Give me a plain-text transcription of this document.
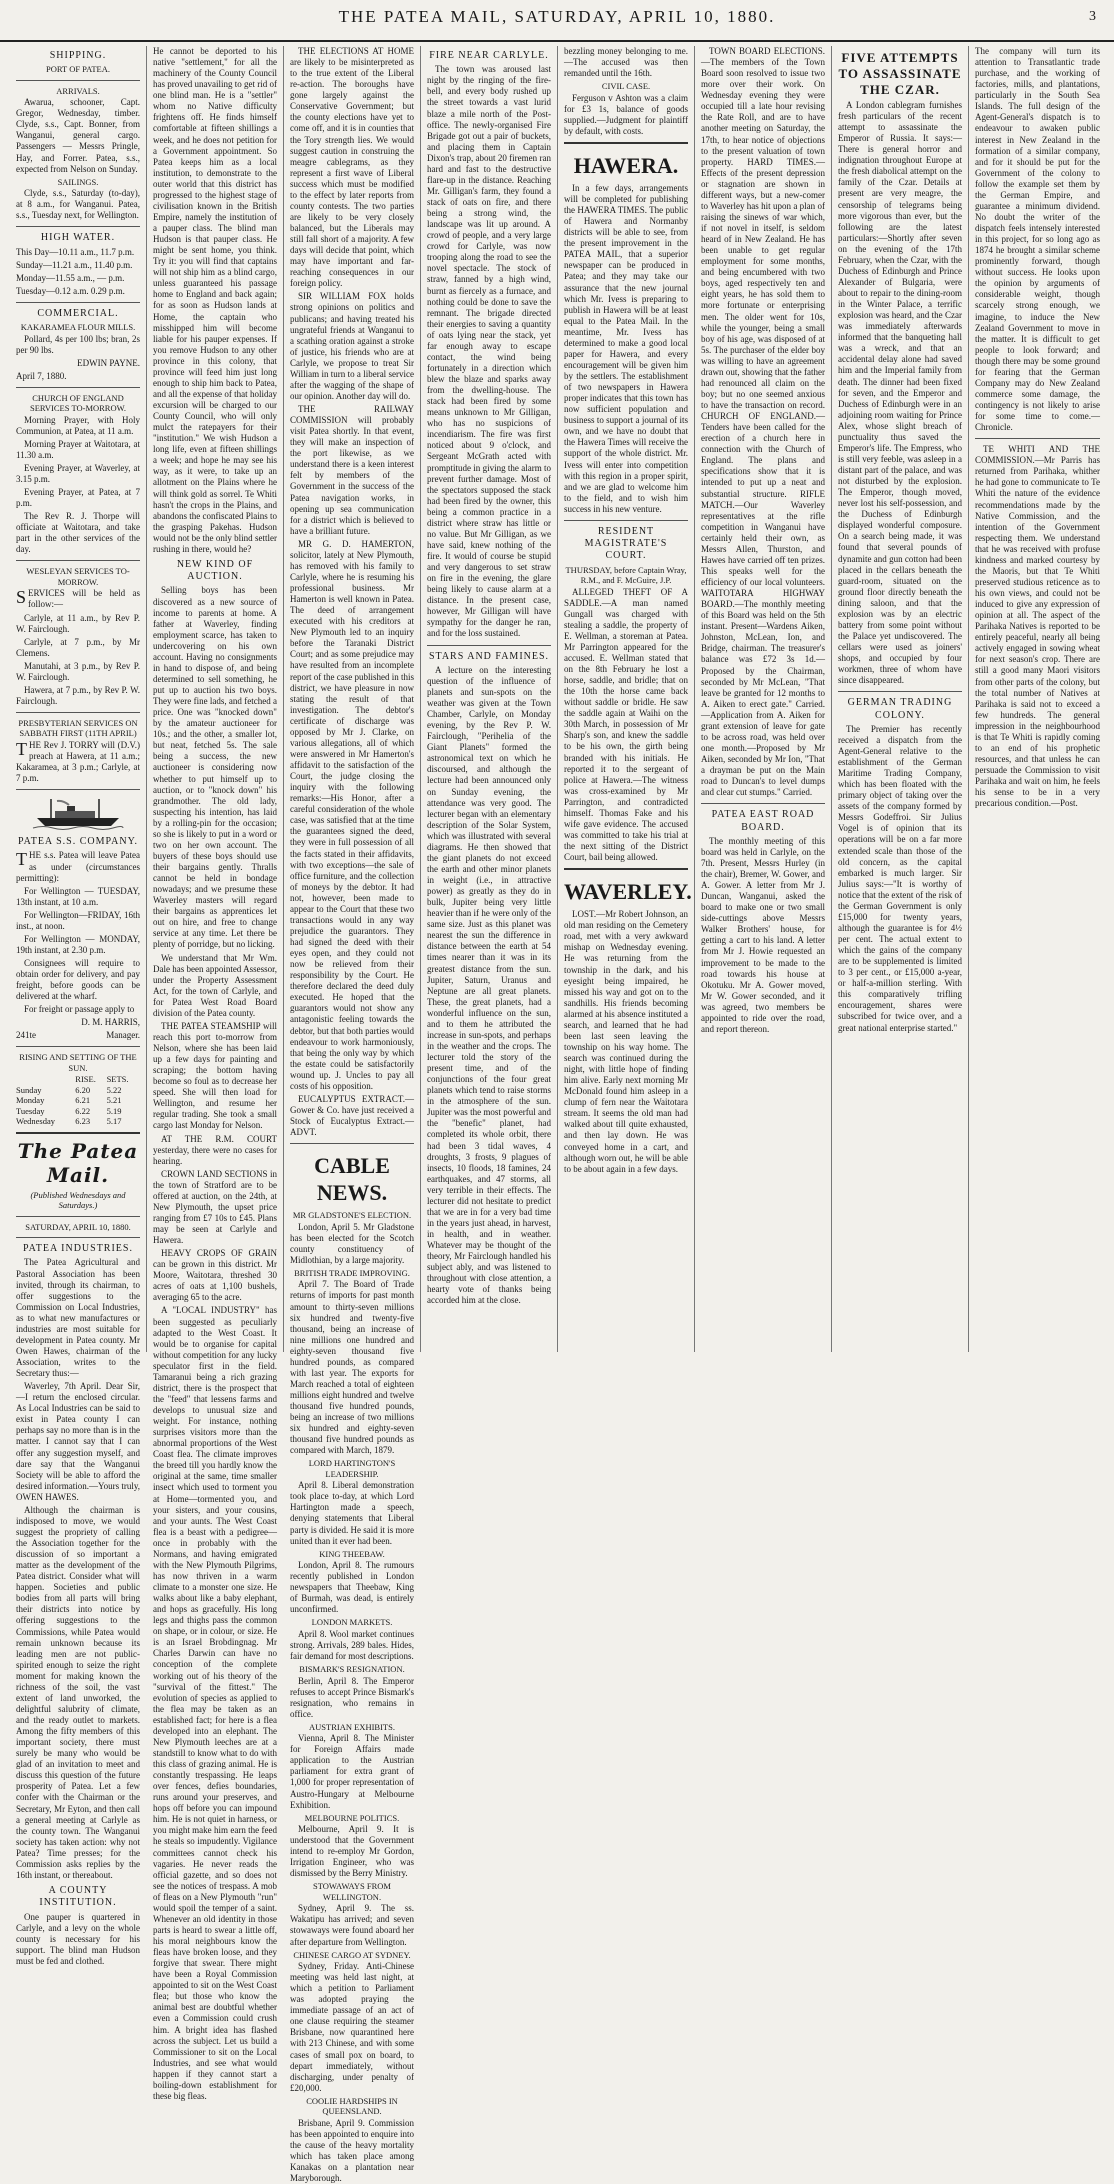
THE PATEA MAIL, SATURDAY, APRIL 10, 1880.	3
SHIPPING.
PORT OF PATEA.
ARRIVALS.

Awarua, schooner, Capt. Gregor, Wednesday, timber. Clyde, s.s., Capt. Bonner, from Wanganui, general cargo. Passengers — Messrs Pringle, Hay, and Forrer. Patea, s.s., expected from Nelson on Sunday.

SAILINGS.

Clyde, s.s., Saturday (to-day), at 8 a.m., for Wanganui. Patea, s.s., Tuesday next, for Wellington.

HIGH WATER.

This Day—10.11 a.m., 11.7 p.m.

Sunday—11.21 a.m., 11.40 p.m.

Monday—11.55 a.m., — p.m.

Tuesday—0.12 a.m. 0.29 p.m.

COMMERCIAL.
KAKARAMEA FLOUR MILLS.

Pollard, 4s per 100 lbs; bran, 2s per 90 lbs.

EDWIN PAYNE.

April 7, 1880.

CHURCH OF ENGLAND SERVICES TO-MORROW.

Morning Prayer, with Holy Communion, at Patea, at 11 a.m.

Morning Prayer at Waitotara, at 11.30 a.m.

Evening Prayer, at Waverley, at 3.15 p.m.

Evening Prayer, at Patea, at 7 p.m.

The Rev R. J. Thorpe will officiate at Waitotara, and take part in the other services of the day.

WESLEYAN SERVICES TO-MORROW.

SERVICES will be held as follow:—

Carlyle, at 11 a.m., by Rev P. W. Fairclough.

Carlyle, at 7 p.m., by Mr Clemens.

Manutahi, at 3 p.m., by Rev P. W. Fairclough.

Hawera, at 7 p.m., by Rev P. W. Fairclough.

PRESBYTERIAN SERVICES ON SABBATH FIRST (11TH APRIL)

THE Rev J. TORRY will (D.V.) preach at Hawera, at 11 a.m.; Kakaramea, at 3 p.m.; Carlyle, at 7 p.m.

PATEA S.S. COMPANY.

THE s.s. Patea will leave Patea as under (circumstances permitting):

For Wellington — TUESDAY, 13th instant, at 10 a.m.

For Wellington—FRIDAY, 16th inst., at noon.

For Wellington — MONDAY, 19th instant, at 2.30 p.m.

Consignees will require to obtain order for delivery, and pay freight, before goods can be delivered at the wharf.

For freight or passage apply to

D. M. HARRIS,

241te	Manager.

RISING AND SETTING OF THE SUN.
	RISE.	SETS.
Sunday	6.20	5.22
Monday	6.21	5.21
Tuesday	6.22	5.19
Wednesday	6.23	5.17
The Patea Mail.
(Published Wednesdays and Saturdays.)
SATURDAY, APRIL 10, 1880.
PATEA INDUSTRIES.

The Patea Agricultural and Pastoral Association has been invited, through its chairman, to offer suggestions to the Commission on Local Industries, as to what new manufactures or industries are most suitable for development in Patea county. Mr Owen Hawes, chairman of the Association, writes to the Secretary thus:—

Waverley, 7th April. Dear Sir,—I return the enclosed circular. As Local Industries can be said to exist in Patea county I can perhaps say no more than is in the matter. I cannot say that I can offer any suggestion myself, and dare say that the Wanganui Society will be able to afford the desired information.—Yours truly, OWEN HAWES.

Although the chairman is indisposed to move, we would suggest the propriety of calling the Association together for the discussion of so important a matter as the development of the Patea district. Consider what will happen. Societies and public bodies from all parts will bring their districts into notice by offering suggestions to the Commissions, while Patea would remain unknown because its leading men are not public-spirited enough to seize the right moment for making known the richness of the soil, the vast extent of land unworked, the delightful salubrity of climate, and the ready outlet to markets. Among the fifty members of this important society, there must surely be many who would be glad of an invitation to meet and discuss this question of the future prosperity of Patea. Let a few confer with the Chairman or the Secretary, Mr Eyton, and then call a general meeting at Carlyle as the county town. The Wanganui society has taken action: why not Patea? Time presses; for the Commission asks replies by the 16th instant, or thereabout.

A COUNTY INSTITUTION.

One pauper is quartered in Carlyle, and a levy on the whole county is necessary for his support. The blind man Hudson must be fed and clothed.

He cannot be deported to his native "settlement," for all the machinery of the County Council has proved unavailing to get rid of one blind man. He is a "settler" whom no Native difficulty frightens off. He finds himself comfortable at fifteen shillings a week, and he does not petition for a Government appointment. So Patea keeps him as a local institution, to demonstrate to the outer world that this district has progressed to the highest stage of civilisation known in the British Empire, namely the institution of a pauper class. The blind man Hudson is that pauper class. He might be sent home, you think. Try it: you will find that captains will not ship him as a blind cargo, unless guaranteed his passage home to England and back again; for as soon as Hudson lands at Home, the captain who misshipped him will become liable for his pauper expenses. If you remove Hudson to any other province in this colony, that province will feed him just long enough to ship him back to Patea, and all the expense of that holiday excursion will be charged to our County Council, who will only mulct the ratepayers for their "institution." We wish Hudson a long life, even at fifteen shillings a week; and hope he may see his way, as it were, to take up an allotment on the Plains where he will think gold as sorrel. Te Whiti hasn't the crops in the Plains, and abandons the confiscated Plains to the grasping Pakehas. Hudson would not be the only blind settler rushing in there, would he?

NEW KIND OF AUCTION.

Selling boys has been discovered as a new source of income to parents at home. A father at Waverley, finding employment scarce, has taken to undercovering on his own account. Having no consignments in hand to dispose of, and being determined to sell something, he put up to auction his two boys. They were fine lads, and fetched a price. One was "knocked down" by the amateur auctioneer for 10s.; and the other, a smaller lot, but neat, fetched 5s. The sale being a success, the new auctioneer is considering now whether to put himself up to auction, or to "knock down" his grandmother. The old lady, suspecting his intention, has laid by a rolling-pin for the occasion; so she is likely to put in a word or two on her own account. The buyers of these boys should use their bargains gently. Thralls cannot be held in bondage nowadays; and we presume these Waverley masters will regard their bargains as apprentices let out on hire, and free to change service at any time. Let there be plenty of porridge, but no licking.

We understand that Mr Wm. Dale has been appointed Assessor, under the Property Assessment Act, for the town of Carlyle, and for Patea West Road Board division of the Patea county.

THE PATEA STEAMSHIP will reach this port to-morrow from Nelson, where she has been laid up a few days for painting and scraping; the bottom having become so foul as to decrease her speed. She will then load for Wellington, and resume her regular trading. She took a small cargo last Monday for Nelson.

AT THE R.M. COURT yesterday, there were no cases for hearing.

CROWN LAND SECTIONS in the town of Stratford are to be offered at auction, on the 24th, at New Plymouth, the upset price ranging from £7 10s to £45. Plans may be seen at Carlyle and Hawera.

HEAVY CROPS OF GRAIN can be grown in this district. Mr Moore, Waitotara, threshed 30 acres of oats at 1,100 bushels, averaging 65 to the acre.

A "LOCAL INDUSTRY" has been suggested as peculiarly adapted to the West Coast. It would be to organise for capital without competition for any lucky speculator first in the field. Tamaranui being a rich grazing district, there is the prospect that the "feed" that lessens farms and develops to unusual size and weight. For instance, nothing surprises visitors more than the abnormal proportions of the West Coast flea. The climate improves the breed till you hardly know the original at the same, time smaller insect which used to torment you at Home—tormented you, and your sisters, and your cousins, and your aunts. The West Coast flea is a beast with a pedigree—once in probably with the Normans, and having emigrated with the New Plymouth Pilgrims, has now thriven in a warm climate to a monster one size. He walks about like a baby elephant, and hops as gracefully. His long legs and thighs pass the common on shape, or in colour, or size. He is an Israel Brobdingnag. Mr Charles Darwin can have no conception of the complete working out of his theory of the "survival of the fittest." The evolution of species as applied to the flea may be taken as an established fact; for here is a flea developed into an elephant. The New Plymouth leeches are at a standstill to know what to do with this class of grazing animal. He is constantly trespassing. He leaps over fences, defies boundaries, runs around your preserves, and hops off before you can impound him. He is not quiet in harness, or you might make him earn the feed he steals so impudently. Vigilance committees cannot check his vagaries. He never reads the official gazette, and so does not see the notices of trespass. A mob of fleas on a New Plymouth "run" would spoil the temper of a saint. Whenever an old identity in those parts is heard to swear a little off, his moral neighbours know the fleas have broken loose, and they forgive that swear. There might have been a Royal Commission appointed to sit on the West Coast flea; but those who know the animal best are doubtful whether even a Commission could crush him. A bright idea has flashed across the subject. Let us build a Commissioner to sit on the Local Industries, and see what would happen if they cannot start a boiling-down establishment for these big fleas.

THE ELECTIONS AT HOME are likely to be misinterpreted as to the true extent of the Liberal re-action. The boroughs have gone largely against the Conservative Government; but the county elections have yet to come off, and it is in counties that the Tory strength lies. We would suggest caution in construing the meagre cablegrams, as they represent a first wave of Liberal success which must be modified to the effect by later reports from county contests. The two parties are likely to be very closely balanced, but the Liberals may still fall short of a majority. A few days will decide that point, which may have important and far-reaching consequences in our foreign policy.

SIR WILLIAM FOX holds strong opinions on politics and publicans; and having treated his ungrateful friends at Wanganui to a scathing oration against a stroke of justice, his friends who are at Carlyle, we propose to treat Sir William in turn to a liberal service after the wagging of the shape of our opinion. Another day will do.

THE RAILWAY COMMISSION will probably visit Patea shortly. In that event, they will make an inspection of the port likewise, as we understand there is a keen interest felt by members of the Government in the success of the Patea navigation works, in opening up sea communication for a district which is believed to have a brilliant future.

MR G. D. HAMERTON, solicitor, lately at New Plymouth, has removed with his family to Carlyle, where he is resuming his professional business. Mr Hamerton is well known in Patea. The deed of arrangement executed with his creditors at New Plymouth led to an inquiry before the Taranaki District Court; and as some prejudice may have resulted from an incomplete report of the case published in this district, we have pleasure in now stating the result of that investigation. The debtor's certificate of discharge was opposed by Mr J. Clarke, on various allegations, all of which were answered in Mr Hamerton's affidavit to the satisfaction of the Court, the judge closing the inquiry with the following remarks:—His Honor, after a careful consideration of the whole case, was satisfied that at the time the guarantees signed the deed, they were in full possession of all the facts stated in their affidavits, with two exceptions—the sale of office furniture, and the collection of moneys by the debtor. It had not, however, been made to appear to the Court that these two transactions would in any way prejudice the guarantors. They had signed the deed with their eyes open, and they could not now be relieved from their responsibility by the Court. He therefore declared the deed duly executed. He hoped that the guarantors would not show any antagonistic feeling towards the debtor, but that both parties would endeavour to work harmoniously, that being the only way by which the estate could be satisfactorily wound up. J. Uncles to pay all costs of his opposition.

EUCALYPTUS EXTRACT.—Gower & Co. have just received a Stock of Eucalyptus Extract.—ADVT.

CABLE NEWS.
MR GLADSTONE'S ELECTION.

London, April 5. Mr Gladstone has been elected for the Scotch county constituency of Midlothian, by a large majority.

BRITISH TRADE IMPROVING.

April 7. The Board of Trade returns of imports for past month amount to thirty-seven millions six hundred and twenty-five thousand, being an increase of nine millions one hundred and eighty-seven thousand five hundred pounds, as compared with last year. The exports for March reached a total of eighteen millions eight hundred and twelve thousand five hundred pounds, being an increase of two millions six hundred and eighty-seven thousand five hundred pounds as compared with March, 1879.

LORD HARTINGTON'S LEADERSHIP.

April 8. Liberal demonstration took place to-day, at which Lord Hartington made a speech, denying statements that Liberal party is divided. He said it is more united than it ever had been.

KING THEEBAW.

London, April 8. The rumours recently published in London newspapers that Theebaw, King of Burmah, was dead, is entirely unconfirmed.

LONDON MARKETS.

April 8. Wool market continues strong. Arrivals, 289 bales. Hides, fair demand for most descriptions.

BISMARK'S RESIGNATION.

Berlin, April 8. The Emperor refuses to accept Prince Bismark's resignation, who remains in office.

AUSTRIAN EXHIBITS.

Vienna, April 8. The Minister for Foreign Affairs made application to the Austrian parliament for extra grant of 1,000 for proper representation of Austro-Hungary at Melbourne Exhibition.

MELBOURNE POLITICS.

Melbourne, April 9. It is understood that the Government intend to re-employ Mr Gordon, Irrigation Engineer, who was dismissed by the Berry Ministry.

STOWAWAYS FROM WELLINGTON.

Sydney, April 9. The ss. Wakatipu has arrived; and seven stowaways were found aboard her after departure from Wellington.

CHINESE CARGO AT SYDNEY.

Sydney, Friday. Anti-Chinese meeting was held last night, at which a petition to Parliament was adopted praying the immediate passage of an act of one clause requiring the steamer Brisbane, now quarantined here with 213 Chinese, and with some cases of small pox on board, to depart immediately, without discharging, under penalty of £20,000.

COOLIE HARDSHIPS IN QUEENSLAND.

Brisbane, April 9. Commission has been appointed to enquire into the cause of the heavy mortality which has taken place among Kanakas on a plantation near Maryborough.

FIRE NEAR CARLYLE.

The town was aroused last night by the ringing of the fire-bell, and every body rushed up the street towards a vast lurid blaze a mile north of the Post-office. The newly-organised Fire Brigade got out a pair of buckets, and placing them in Captain Dixon's trap, about 20 firemen ran hard and fast to the destructive flare-up in the distance. Reaching Mr. Gilligan's farm, they found a stack of oats on fire, and there being a strong wind, the landscape was lit up around. A crowd of people, and a very large crowd for Carlyle, was now trooping along the road to see the novel spectacle. The stock of straw, fanned by a high wind, burnt as fiercely as a furnace, and nothing could be done to save the remnant. The brigade directed their energies to saving a quantity of oats lying near the stack, yet far enough away to escape contact, the wind being fortunately in a direction which blew the blaze and sparks away from the dwelling-house. The stack had been fired by some means unknown to Mr Gilligan, who has no suspicions of incendiarism. The fire was first noticed about 9 o'clock, and Sergeant McGrath acted with promptitude in giving the alarm to prevent further damage. Most of the spectators supposed the stack had been fired by the owner, this being a common practice in a district where straw has little or no value. But Mr Gilligan, as we have said, knew nothing of the fire. It would of course be stupid and very dangerous to set straw on fire in the evening, the glare being likely to cause alarm at a distance. In the present case, however, Mr Gilligan will have sympathy for the danger he ran, and for the loss sustained.

STARS AND FAMINES.

A lecture on the interesting question of the influence of planets and sun-spots on the weather was given at the Town Chamber, Carlyle, on Monday evening, by the Rev P. W. Fairclough, "Perihelia of the Giant Planets" formed the astronomical text on which he discoursed, and although the lecture had been announced only on Sunday evening, the attendance was very good. The lecturer began with an elementary description of the Solar System, which was illustrated with several diagrams. He then showed that the giant planets do not exceed the earth and other minor planets in weight (i.e., in attractive power) as greatly as they do in bulk, Jupiter being very little heavier than if he were only of the same size. Just as this planet was nearest the sun the difference in distance between the earth at 54 times nearer than it was in its greatest distance from the sun. Jupiter, Saturn, Uranus and Neptune are all great planets. These, the great planets, had a wonderful influence on the sun, and to them he attributed the increase in sun-spots, and perhaps in the weather and the crops. The lecturer told the story of the present time, and of the conjunctions of the four great planets which tend to raise storms in the atmosphere of the sun. Jupiter was the most powerful and the "benefic" planet, had completed its whole orbit, there had been 3 tidal waves, 4 droughts, 3 frosts, 9 plagues of insects, 10 floods, 18 famines, 24 earthquakes, and 47 storms, all very terrible in their effects. The lecturer did not hesitate to predict that we are in for a very bad time in the years just ahead, in harvest, in health, and in weather. Whatever may be thought of the theory, Mr Fairclough handled his subject ably, and was listened to throughout with close attention, a hearty vote of thanks being accorded him at the close.

bezzling money belonging to me.—The accused was then remanded until the 16th.

CIVIL CASE.

Ferguson v Ashton was a claim for £3 1s, balance of goods supplied.—Judgment for plaintiff by default, with costs.

HAWERA.

In a few days, arrangements will be completed for publishing the HAWERA TIMES. The public of Hawera and Normanby districts will be able to see, from the present improvement in the PATEA MAIL, that a superior newspaper can be produced in Patea; and they may take our assurance that the new journal which Mr. Ivess is preparing to publish in Hawera will be at least equal to the Patea Mail. In the meantime, Mr. Ivess has determined to make a good local paper for Hawera, and every encouragement will be given him by the settlers. The establishment of two newspapers in Hawera proper indicates that this town has now sufficient population and business to support a journal of its own, and we have no doubt that the Hawera Times will receive the support of the whole district. Mr. Ivess will enter into competition with this region in a proper spirit, and we are glad to welcome him to the field, and to wish him success in his new venture.

RESIDENT MAGISTRATE'S COURT.
THURSDAY, before Captain Wray, R.M., and F. McGuire, J.P.

ALLEGED THEFT OF A SADDLE.—A man named Gungall was charged with stealing a saddle, the property of E. Wellman, a storeman at Patea. Mr Parrington appeared for the accused. E. Wellman stated that on the 8th February he lost a horse, saddle, and bridle; that on the 10th the horse came back without saddle or bridle. He saw the saddle again at Waihi on the 30th March, in possession of Mr Sharp's son, and knew the saddle to be his own, the girth being branded with his initials. He reported it to the sergeant of police at Hawera.—The witness was cross-examined by Mr Parrington, and contradicted himself. Thomas Fake and his wife gave evidence. The accused was committed to take his trial at the next sitting of the District Court, bail being allowed.

WAVERLEY.

LOST.—Mr Robert Johnson, an old man residing on the Cemetery road, met with a very awkward mishap on Wednesday evening. He was returning from the township in the dark, and his eyesight being impaired, he missed his way and got on to the sandhills. His friends becoming alarmed at his absence instituted a search, and learned that he had been last seen leaving the township on his way home. The search was continued during the night, with little hope of finding him alive. Early next morning Mr McDonald found him asleep in a clump of fern near the Waitotara stream. It seems the old man had walked about till quite exhausted, and then lay down. He was conveyed home in a cart, and although worn out, he will be able to be about again in a few days.

TOWN BOARD ELECTIONS.—The members of the Town Board soon resolved to issue two more over their work. On Wednesday evening they were occupied till a late hour revising the Rate Roll, and are to have another meeting on Saturday, the 17th, to hear notice of objections to the present valuation of town property. HARD TIMES.—Effects of the present depression or stagnation are shown in different ways, but a new-comer to Waverley has hit upon a plan of raising the sinews of war which, if not novel in itself, is seldom heard of in New Zealand. He has been unable to get regular employment for some months, and being encumbered with two boys, aged respectively ten and eight years, he has sold them to more fortunate or enterprising men. The older went for 10s, while the younger, being a small boy of his age, was disposed of at 5s. The purchaser of the elder boy was willing to have an agreement drawn out, showing that the father had renounced all claim on the boy; but no one seemed anxious to have the transaction on record. CHURCH OF ENGLAND.—Tenders have been called for the erection of a church here in connection with the Church of England. The plans and specifications show that it is intended to put up a neat and substantial structure. RIFLE MATCH.—Our Waverley representatives at the rifle competition in Wanganui have certainly held their own, as Messrs Allen, Thurston, and Hawes have carried off ten prizes. This speaks well for the efficiency of our local volunteers. WAITOTARA HIGHWAY BOARD.—The monthly meeting of this Board was held on the 5th instant. Present—Wardens Aiken, Johnston, McLean, Ion, and Bridge, chairman. The treasurer's balance was £72 3s 1d.—Proposed by the Chairman, seconded by Mr McLean, "That leave be granted for 12 months to A. Aiken to erect gate." Carried.—Application from A. Aiken for grant extension of leave for gate to be across road, was held over one month.—Proposed by Mr Aiken, seconded by Mr Ion, "That a drayman be put on the Main road to Duncan's to level dumps and clear cut stumps." Carried.

PATEA EAST ROAD BOARD.

The monthly meeting of this board was held in Carlyle, on the 7th. Present, Messrs Hurley (in the chair), Bremer, W. Gower, and A. Gower. A letter from Mr J. Duncan, Wanganui, asked the board to make one or two small side-cuttings above Messrs Walker Brothers' house, for getting a cart to his land. A letter from Mr J. Howie requested an improvement to be made to the road towards his house at Okotuku. Mr A. Gower moved, Mr W. Gower seconded, and it was agreed, two members be appointed to ride over the road, and report thereon.

FIVE ATTEMPTS TO ASSASSINATE THE CZAR.

A London cablegram furnishes fresh particulars of the recent attempt to assassinate the Emperor of Russia. It says:—There is general horror and indignation throughout Europe at the fresh diabolical attempt on the family of the Czar. Details at present are very meagre, the censorship of telegrams being more vigorous than ever, but the following are the latest particulars:—Shortly after seven on the evening of the 17th February, when the Czar, with the Duchess of Edinburgh and Prince Alexander of Bulgaria, were about to repair to the dining-room in the Winter Palace, a terrific explosion was heard, and the Czar was immediately afterwards informed that the banqueting hall was a wreck, and that an accidental delay alone had saved him and the Imperial family from death. The dinner had been fixed for seven, and the Emperor and Duchess of Edinburgh were in an adjoining room waiting for Prince Alex, whose slight breach of punctuality thus saved the Emperor's life. The Empress, who is still very feeble, was asleep in a distant part of the palace, and was not disturbed by the explosion. The Emperor, though moved, never lost his self-possession, and the Duchess of Edinburgh displayed wonderful composure. On a search being made, it was found that several pounds of dynamite and gun cotton had been placed in the cellars beneath the guard-room, situated on the ground floor directly beneath the dining saloon, and that the explosion was by an electric battery from some point without the Palace yet undiscovered. The cellars were used as joiners' shops, and occupied by four workmen, three of whom have since disappeared.

GERMAN TRADING COLONY.

The Premier has recently received a dispatch from the Agent-General relative to the establishment of the German Maritime Trading Company, which has been floated with the primary object of taking over the assets of the company formed by Messrs Godeffroi. Sir Julius Vogel is of opinion that its operations will be on a far more extended scale than those of the old concern, as the capital embarked is much larger. Sir Julius says:—"It is worthy of notice that the extent of the risk of the German Government is only £15,000 for twenty years, although the guarantee is for 4½ per cent. The actual extent to which the gains of the company are to be supplemented is limited to 3 per cent., or £15,000 a-year, or half-a-million sterling. With this comparatively trifling encouragement, shares were subscribed for twice over, and a great national enterprise started."

The company will turn its attention to Transatlantic trade purchase, and the working of factories, mills, and plantations, particularly in the South Sea Islands. The full design of the Agent-General's dispatch is to endeavour to awaken public interest in New Zealand in the formation of a similar company, and for it should be put for the Government of the colony to follow the example set them by the German Empire, and guarantee a minimum dividend. No doubt the writer of the dispatch feels intensely interested in this project, for so long ago as 1874 he brought a similar scheme prominently forward, though without success. He looks upon the opinion by arguments of considerable weight, though scarcely strong enough, we imagine, to induce the New Zealand Government to move in the matter. It is difficult to get people to look forward; and though there may be some ground for fearing that the German Company may do New Zealand commerce some damage, the contingency is not likely to arise for some time to come.—Chronicle.

TE WHITI AND THE COMMISSION.—Mr Parris has returned from Parihaka, whither he had gone to communicate to Te Whiti the nature of the evidence recommendations made by the Native Commission, and the intention of the Government respecting them. We understand that he was received with profuse kindness and marked courtesy by the Maoris, but that Te Whiti preserved studious reticence as to his own views, and could not be induced to give any expression of opinion at all. The aspect of the Parihaka Natives is reported to be entirely peaceful, nearly all being actively engaged in sowing wheat for next season's crop. There are still a good many Maori visitors from other parts of the colony, but the total number of Natives at Parihaka is said not to exceed a few hundreds. The general impression in the neighbourhood is that Te Whiti is rapidly coming to an end of his prophetic resources, and that unless he can persuade the Commission to visit Parihaka and wait on him, he feels his sense to be in a very precarious condition.—Post.
